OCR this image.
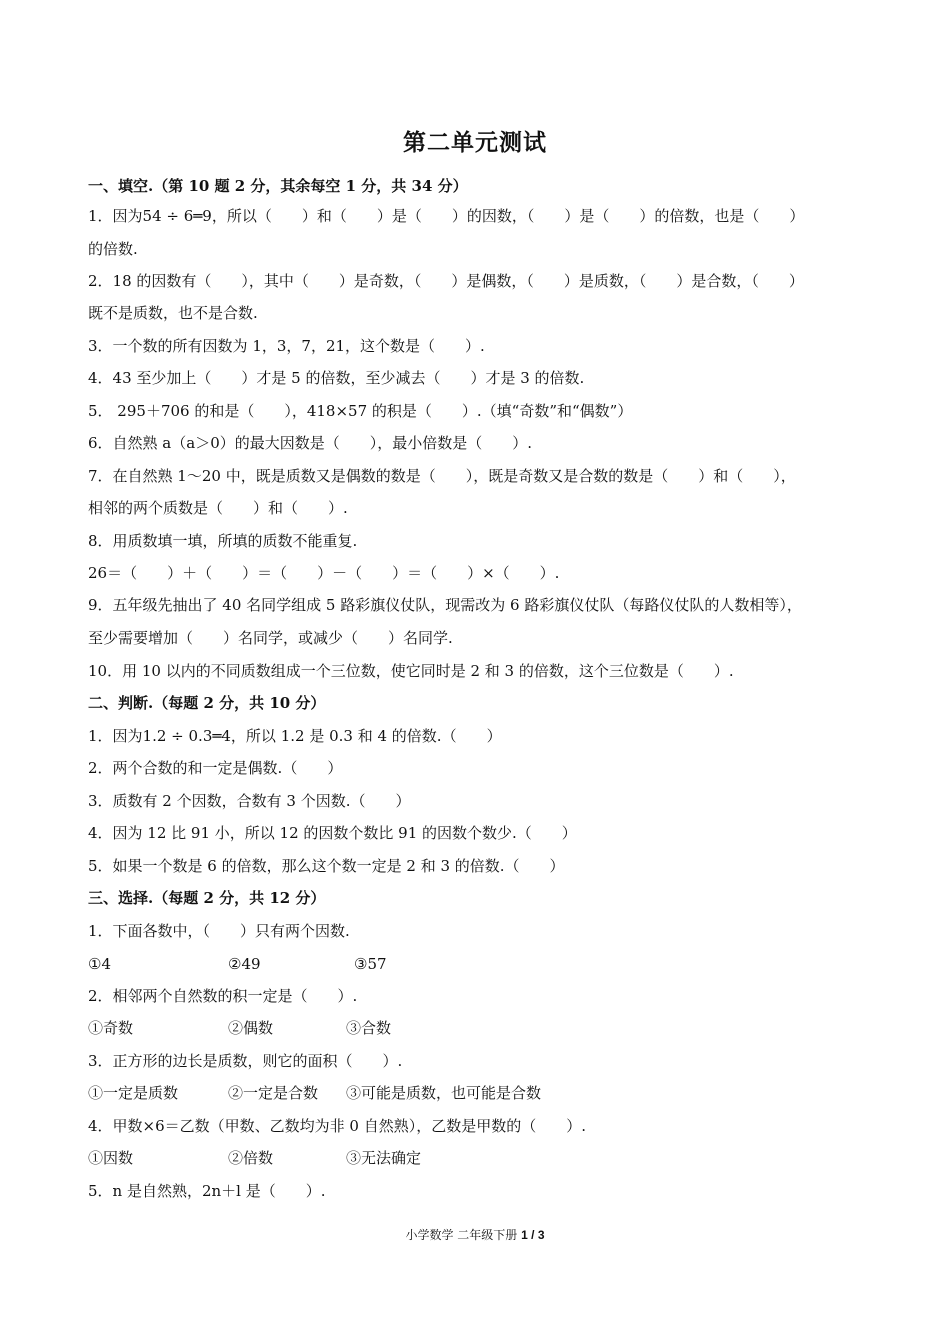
第二单元测试
一、填空.（第 10 题 2 分，其余每空 1 分，共 34 分）
1．因为54 ÷ 6═9，所以（　　）和（　　）是（　　）的因数，（　　）是（　　）的倍数，也是（　　）
的倍数.
2．18 的因数有（　　），其中（　　）是奇数，（　　）是偶数，（　　）是质数，（　　）是合数，（　　）
既不是质数，也不是合数.
3．一个数的所有因数为 1，3，7，21，这个数是（　　）.
4．43 至少加上（　　）才是 5 的倍数，至少减去（　　）才是 3 的倍数.
5． 295＋706 的和是（　　），418×57 的积是（　　）.（填“奇数”和“偶数”）
6．自然熟 a（a＞0）的最大因数是（　　），最小倍数是（　　）.
7．在自然熟 1～20 中，既是质数又是偶数的数是（　　），既是奇数又是合数的数是（　　）和（　　），
相邻的两个质数是（　　）和（　　）.
8．用质数填一填，所填的质数不能重复.
26＝（　　）＋（　　）＝（　　）－（　　）＝（　　）×（　　）.
9．五年级先抽出了 40 名同学组成 5 路彩旗仪仗队，现需改为 6 路彩旗仪仗队（每路仪仗队的人数相等），
至少需要增加（　　）名同学，或减少（　　）名同学.
10．用 10 以内的不同质数组成一个三位数，使它同时是 2 和 3 的倍数，这个三位数是（　　）.
二、判断.（每题 2 分，共 10 分）
1．因为1.2 ÷ 0.3═4，所以 1.2 是 0.3 和 4 的倍数.（　　）
2．两个合数的和一定是偶数.（　　）
3．质数有 2 个因数，合数有 3 个因数.（　　）
4．因为 12 比 91 小，所以 12 的因数个数比 91 的因数个数少.（　　）
5．如果一个数是 6 的倍数，那么这个数一定是 2 和 3 的倍数.（　　）
三、选择.（每题 2 分，共 12 分）
1．下面各数中，（　　）只有两个因数.
①4	②49	③57
2．相邻两个自然数的积一定是（　　）.
①奇数	②偶数	③合数
3．正方形的边长是质数，则它的面积（　　）.
①一定是质数	②一定是合数 ③可能是质数，也可能是合数
4．甲数×6＝乙数（甲数、乙数均为非 0 自然熟），乙数是甲数的（　　）.
①因数	②倍数	③无法确定
5．n 是自然熟，2n＋l 是（　　）.
小学数学 二年级下册 1 / 3
